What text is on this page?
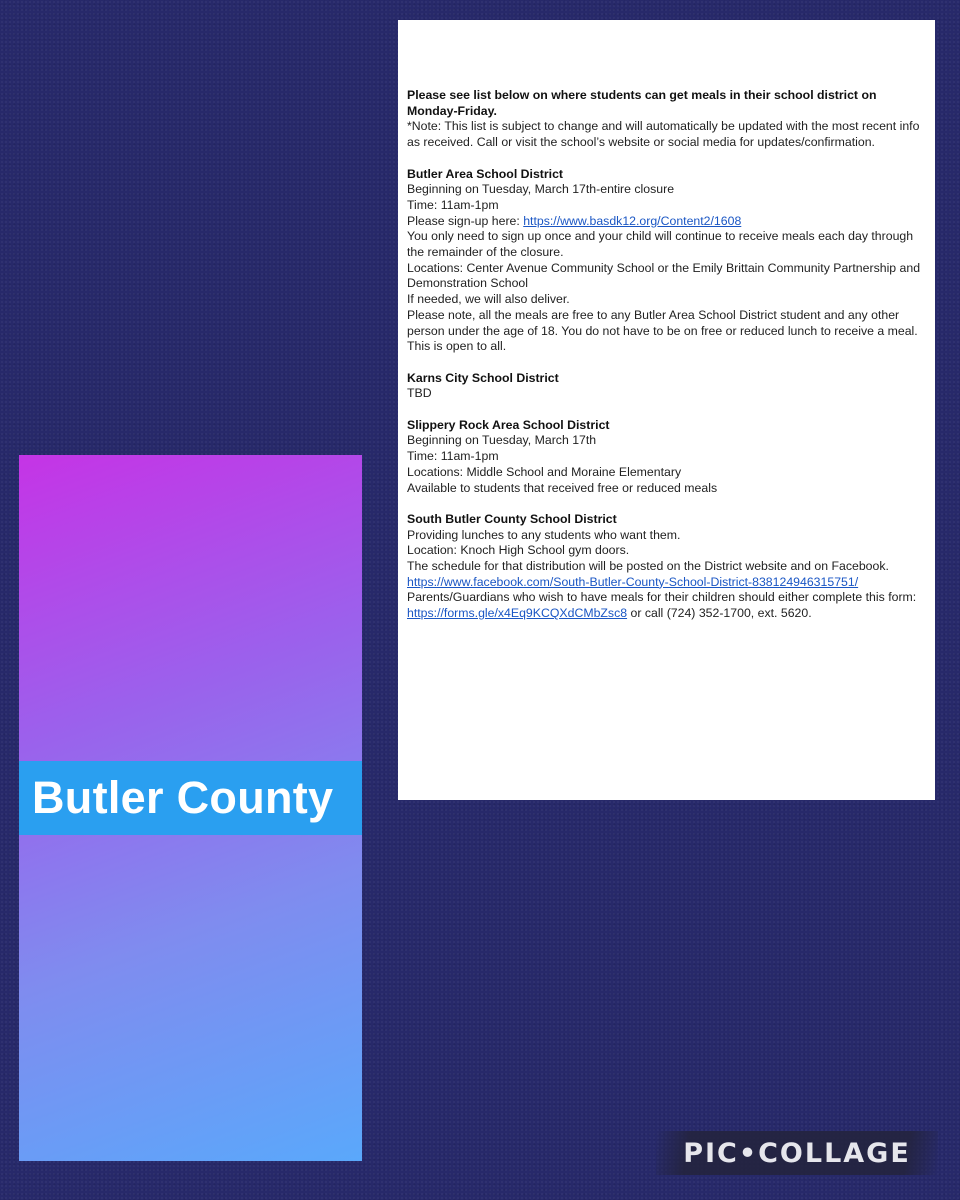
Butler County

Please see list below on where students can get meals in their school district on Monday-Friday.

*Note: This list is subject to change and will automatically be updated with the most recent info as received. Call or visit the school’s website or social media for updates/confirmation.

Butler Area School District

Beginning on Tuesday, March 17th-entire closure

Time: 11am-1pm

Please sign-up here: https://www.basdk12.org/Content2/1608

You only need to sign up once and your child will continue to receive meals each day through the remainder of the closure.

Locations: Center Avenue Community School or the Emily Brittain Community Partnership and Demonstration School

If needed, we will also deliver.

Please note, all the meals are free to any Butler Area School District student and any other person under the age of 18. You do not have to be on free or reduced lunch to receive a meal. This is open to all.

Karns City School District

TBD

Slippery Rock Area School District

Beginning on Tuesday, March 17th

Time: 11am-1pm

Locations: Middle School and Moraine Elementary

Available to students that received free or reduced meals

South Butler County School District

Providing lunches to any students who want them.

Location: Knoch High School gym doors.

The schedule for that distribution will be posted on the District website and on Facebook.

https://www.facebook.com/South-Butler-County-School-District-838124946315751/

Parents/Guardians who wish to have meals for their children should either complete this form: https://forms.gle/x4Eq9KCQXdCMbZsc8 or call (724) 352-1700, ext. 5620.

PIC•COLLAGE
